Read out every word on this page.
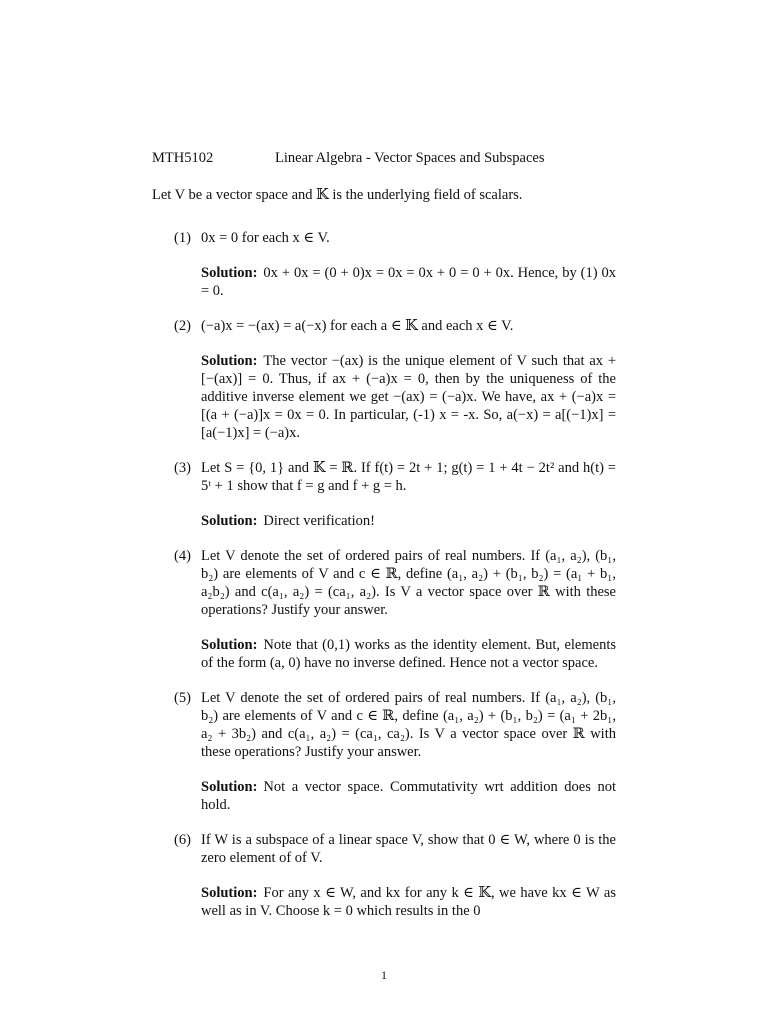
MTH5102	Linear Algebra - Vector Spaces and Subspaces
Let V be a vector space and 𝕂 is the underlying field of scalars.
(1) 0x = 0 for each x ∈ V.
Solution: 0x + 0x = (0 + 0)x = 0x = 0x + 0 = 0 + 0x. Hence, by (1) 0x = 0.
(2) (−a)x = −(ax) = a(−x) for each a ∈ 𝕂 and each x ∈ V.
Solution: The vector −(ax) is the unique element of V such that ax + [−(ax)] = 0. Thus, if ax + (−a)x = 0, then by the uniqueness of the additive inverse element we get −(ax) = (−a)x. We have, ax + (−a)x = [(a + (−a)]x = 0x = 0. In particular, (-1) x = -x. So, a(−x) = a[(−1)x] = [a(−1)x] = (−a)x.
(3) Let S = {0, 1} and 𝕂 = ℝ. If f(t) = 2t + 1; g(t) = 1 + 4t − 2t² and h(t) = 5ᵗ + 1 show that f = g and f + g = h.
Solution: Direct verification!
(4) Let V denote the set of ordered pairs of real numbers. If (a₁, a₂), (b₁, b₂) are elements of V and c ∈ ℝ, define (a₁, a₂) + (b₁, b₂) = (a₁ + b₁, a₂b₂) and c(a₁, a₂) = (ca₁, a₂). Is V a vector space over ℝ with these operations? Justify your answer.
Solution: Note that (0,1) works as the identity element. But, elements of the form (a, 0) have no inverse defined. Hence not a vector space.
(5) Let V denote the set of ordered pairs of real numbers. If (a₁, a₂), (b₁, b₂) are elements of V and c ∈ ℝ, define (a₁, a₂) + (b₁, b₂) = (a₁ + 2b₁, a₂ + 3b₂) and c(a₁, a₂) = (ca₁, ca₂). Is V a vector space over ℝ with these operations? Justify your answer.
Solution: Not a vector space. Commutativity wrt addition does not hold.
(6) If W is a subspace of a linear space V, show that 0 ∈ W, where 0 is the zero element of of V.
Solution: For any x ∈ W, and kx for any k ∈ 𝕂, we have kx ∈ W as well as in V. Choose k = 0 which results in the 0
1
